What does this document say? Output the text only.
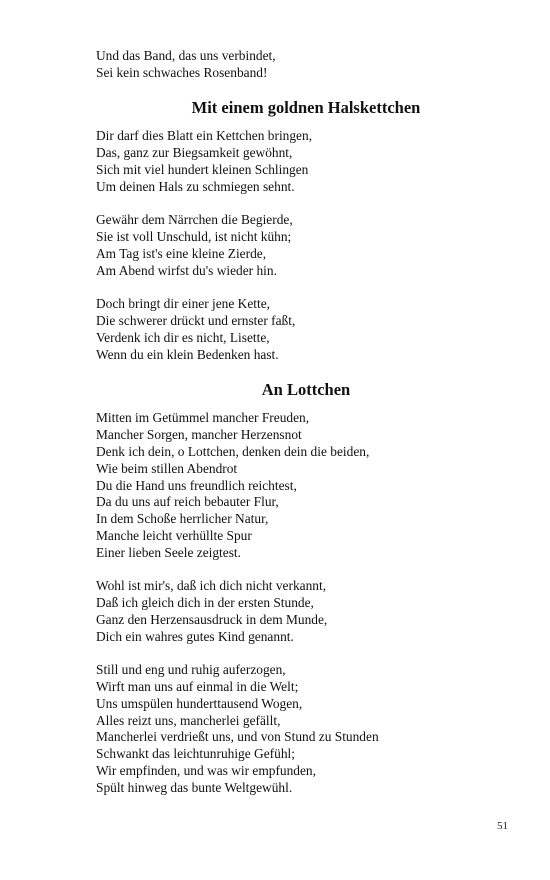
Und das Band, das uns verbindet,
Sei kein schwaches Rosenband!
Mit einem goldnen Halskettchen
Dir darf dies Blatt ein Kettchen bringen,
Das, ganz zur Biegsamkeit gewöhnt,
Sich mit viel hundert kleinen Schlingen
Um deinen Hals zu schmiegen sehnt.
Gewähr dem Närrchen die Begierde,
Sie ist voll Unschuld, ist nicht kühn;
Am Tag ist's eine kleine Zierde,
Am Abend wirfst du's wieder hin.
Doch bringt dir einer jene Kette,
Die schwerer drückt und ernster faßt,
Verdenk ich dir es nicht, Lisette,
Wenn du ein klein Bedenken hast.
An Lottchen
Mitten im Getümmel mancher Freuden,
Mancher Sorgen, mancher Herzensnot
Denk ich dein, o Lottchen, denken dein die beiden,
Wie beim stillen Abendrot
Du die Hand uns freundlich reichtest,
Da du uns auf reich bebauter Flur,
In dem Schoße herrlicher Natur,
Manche leicht verhüllte Spur
Einer lieben Seele zeigtest.
Wohl ist mir's, daß ich dich nicht verkannt,
Daß ich gleich dich in der ersten Stunde,
Ganz den Herzensausdruck in dem Munde,
Dich ein wahres gutes Kind genannt.
Still und eng und ruhig auferzogen,
Wirft man uns auf einmal in die Welt;
Uns umspülen hunderttausend Wogen,
Alles reizt uns, mancherlei gefällt,
Mancherlei verdrießt uns, und von Stund zu Stunden
Schwankt das leichtunruhige Gefühl;
Wir empfinden, und was wir empfunden,
Spült hinweg das bunte Weltgewühl.
51
